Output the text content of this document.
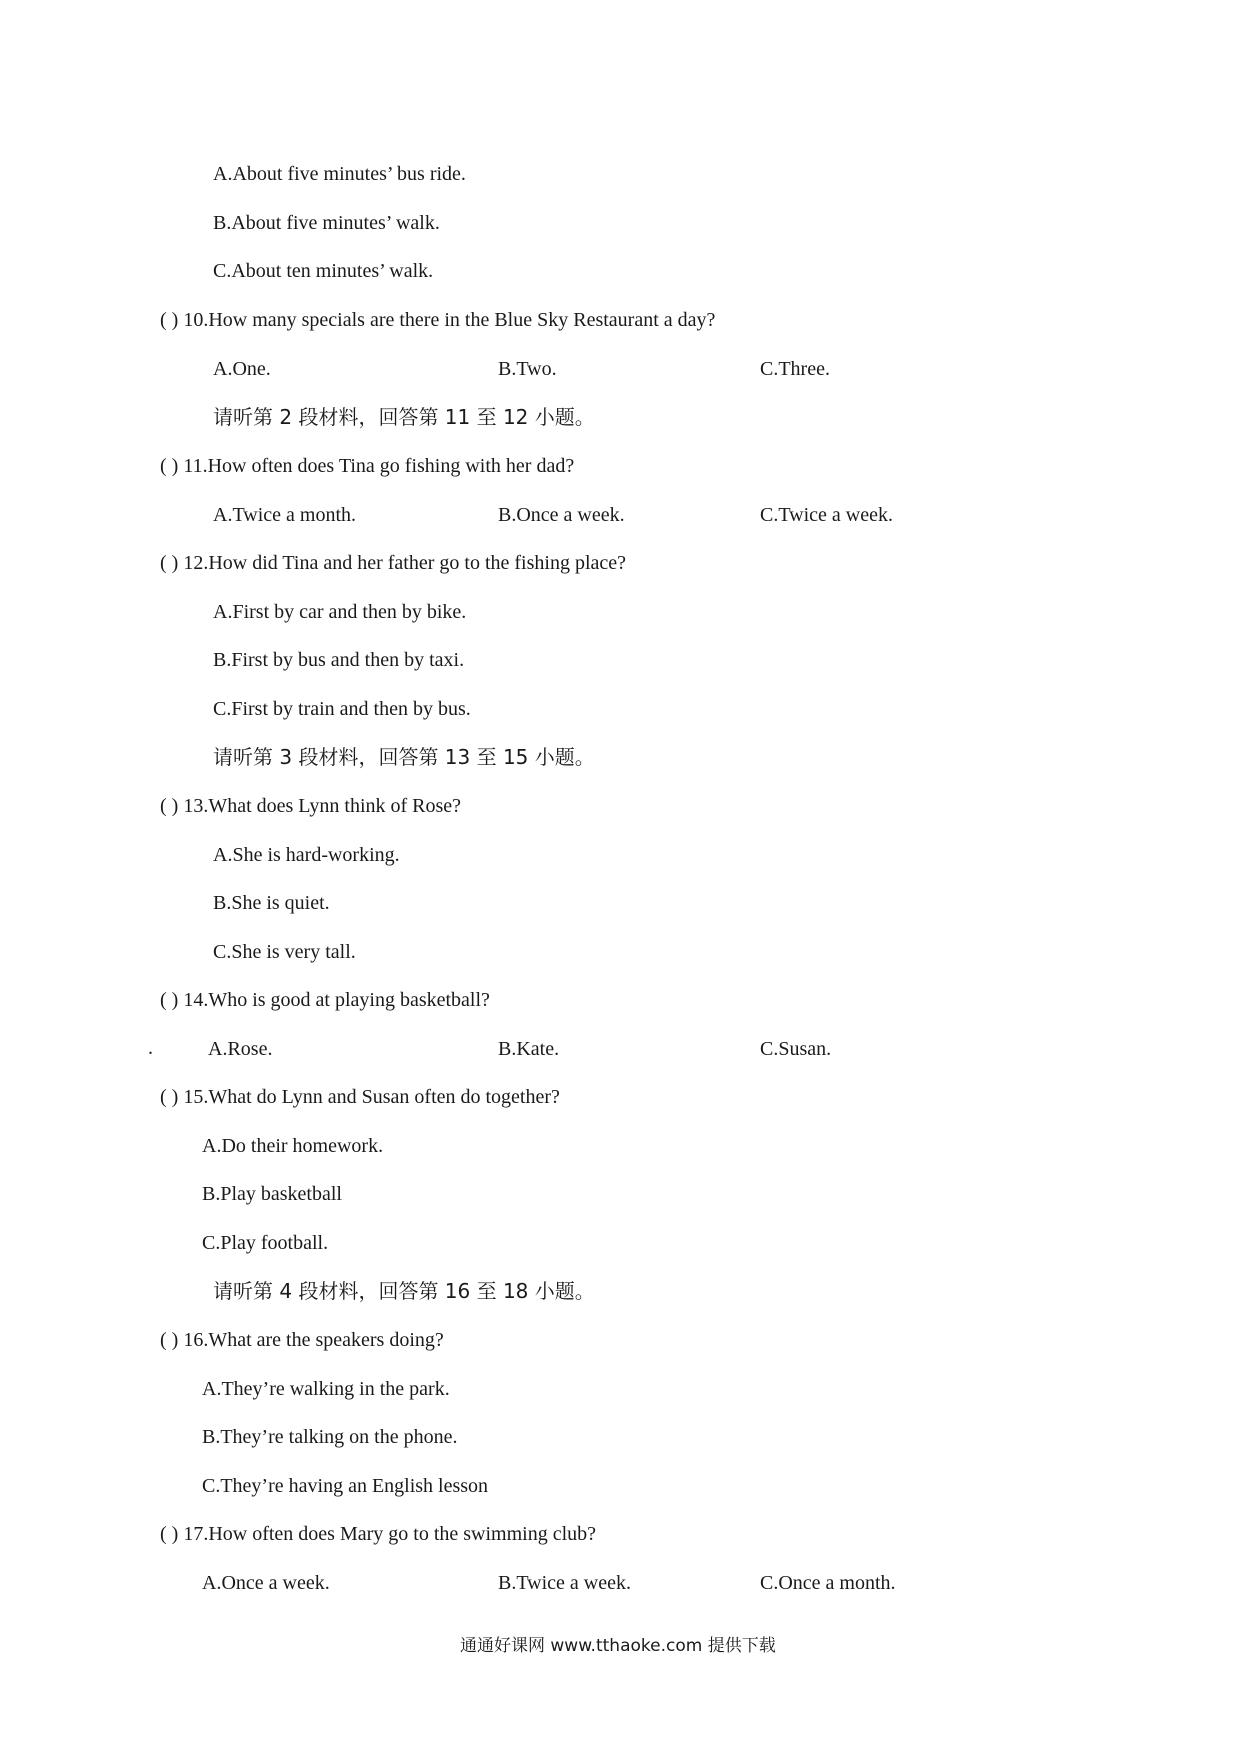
A.About five minutes’ bus ride.
B.About five minutes’ walk.
C.About ten minutes’ walk.
( ) 10.How many specials are there in the Blue Sky Restaurant a day?
A.One.	B.Two.	C.Three.
请听第 2 段材料，回答第 11 至 12 小题。
( ) 11.How often does Tina go fishing with her dad?
A.Twice a month.	B.Once a week.	C.Twice a week.
( ) 12.How did Tina and her father go to the fishing place?
A.First by car and then by bike.
B.First by bus and then by taxi.
C.First by train and then by bus.
请听第 3 段材料，回答第 13 至 15 小题。
( ) 13.What does Lynn think of Rose?
A.She is hard-working.
B.She is quiet.
C.She is very tall.
( ) 14.Who is good at playing basketball?
.	A.Rose.	B.Kate.	C.Susan.
( ) 15.What do Lynn and Susan often do together?
A.Do their homework.
B.Play basketball
C.Play football.
请听第 4 段材料，回答第 16 至 18 小题。
( ) 16.What are the speakers doing?
A.They’re walking in the park.
B.They’re talking on the phone.
C.They’re having an English lesson
( ) 17.How often does Mary go to the swimming club?
A.Once a week.	B.Twice a week.	C.Once a month.
通通好课网 www.tthaoke.com 提供下载
